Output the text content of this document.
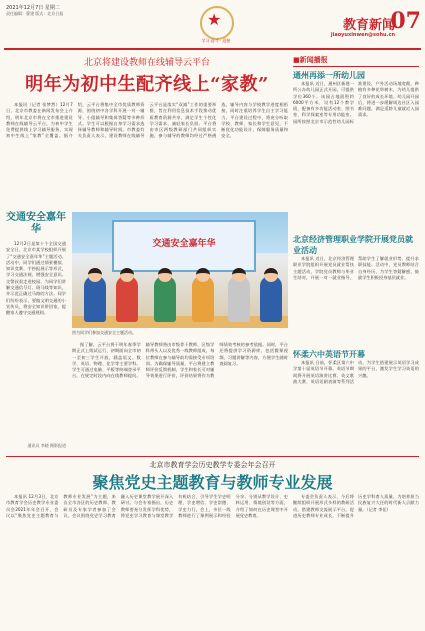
2021年12月7日 星期二
责任编辑：曹建 版式：北京日报	★
学习 奋斗 · 迎接
教育新闻
jiaoyuxinwen@sohu.cn
07
北京将建设教师在线辅导云平台
明年为初中生配齐线上“家教”

本报讯（记者 张梦然）12月7日，北京市教委在新闻发布会上介绍，明年北京市将在全市推进建设教师在线辅导云平台，为初中学生免费提供线上学习辅导服务，实现初中生线上“家教”全覆盖。据介绍，云平台将集中全市优质教师资源，围绕初中各学科开展一对一辅导、小组辅导和集体答疑等多种形式。学生可以根据自身学习需求选择辅导教师和辅导时间。市教委有关负责人表示，建设教师在线辅导云平台是落实“双减”工作的重要举措，旨在利用信息技术手段推动优质教育资源共享，满足学生个性化学习需求，减轻家长负担。平台将由市区两级教研部门共同组织实施，参与辅导的教师均经过严格遴选，辅导内容与学校教学进度相衔接，同时注重培养学生自主学习能力。平台建设过程中，将充分听取学校、教师、家长和学生意见，不断优化功能设计，保障服务质量和安全。

交通安全嘉年华

12月2日是第十个全国交通安全日，北京市某学校组织开展了“交通安全嘉年华”主题活动。活动中，同学们通过情景模拟、知识竞赛、手抄报展示等形式，学习交通法规，增强安全意识。交警叔叔走进校园，为同学们讲解交通信号灯、斑马线等知识，并示范正确过马路的方法。同学们纷纷表示，要做文明交通的小宣传员，将安全知识带回家，提醒家人遵守交通规则。

通讯员 李晓 摄影报道
交通安全嘉年华
图为同学们参加交通安全主题活动。

据了解，云平台将于明年春季学期正式上线试运行，初期面向全市初一至初三学生开放，涵盖语文、数学、英语、物理、化学等主要学科。学生可通过电脑、平板等终端登录平台，在规定时段内向在线教师提问。辅导教师将由市级骨干教师、区级学科带头人以及优秀一线教师组成，每位教师在参与辅导前均需接受专项培训。为确保辅导质量，平台将建立教师评价反馈机制，学生和家长可对辅导效果进行评价，评价结果将作为教师绩效考核的参考依据。同时，平台还将提供学习资源库，包括微课视频、习题讲解等内容，方便学生随时查阅复习。

■新闻播报
通州再添一所幼儿园

本报讯 近日，通州区新建一所公办幼儿园正式开园，可提供学位360个。该园占地面积约6000平方米，设有12个教学班，配备有多功能活动室、图书室、科学探索室等专用功能室。园所按照北京市示范性幼儿园标准建设，户外活动场地宽敞，种植有多种花草树木，为幼儿提供了良好的成长环境。幼儿园开园后，将进一步缓解周边社区入园难问题，满足适龄儿童就近入园需求。

北京经济管理职业学院开展党员就业活动

本报讯 近日，北京经济管理职业学院组织开展党员就业帮扶主题活动，学院党员教师与毕业生结对，开展一对一就业指导，帮助学生了解就业形势、提升求职技能。活动中，党员教师结合自身经历，为学生答疑解惑，鼓励学生积极投身基层就业。

怀柔六中英语节开幕

本报讯 日前，怀柔区第六中学第十届英语节开幕。英语节期间将开展英语演讲比赛、英文歌曲大赛、英语话剧表演等系列活动，为学生搭建展示英语学习成果的平台，激发学生学习英语的兴趣。

北京市教育学会历史教学专委会年会召开
聚焦党史主题教育与教师专业发展

本报讯 12月3日，北京市教育学会历史教学专业委员会2021年年会召开，会议以“聚焦党史主题教育与教师专业发展”为主题，来自全市各区的历史教师、教研员及专家学者参加了会议。会议围绕党史学习教育融入历史课堂教学展开深入研讨。与会专家指出，历史教师要充分发挥学科优势，将党史学习教育与课堂教学有机结合，引导学生学史明理、学史增信、学史崇德、学史力行。会上，多位一线教师进行了课例展示和经验分享，分别从教学设计、史料运用、情境创设等方面，介绍了如何在历史课堂中开展党史教育。

专委会负责人表示，今后将继续组织开展形式多样的教研活动，搭建教师交流展示平台，促进历史教师专业成长，不断提升历史学科育人质量，为培养担当民族复兴大任的时代新人贡献力量。（记者 李佳）
